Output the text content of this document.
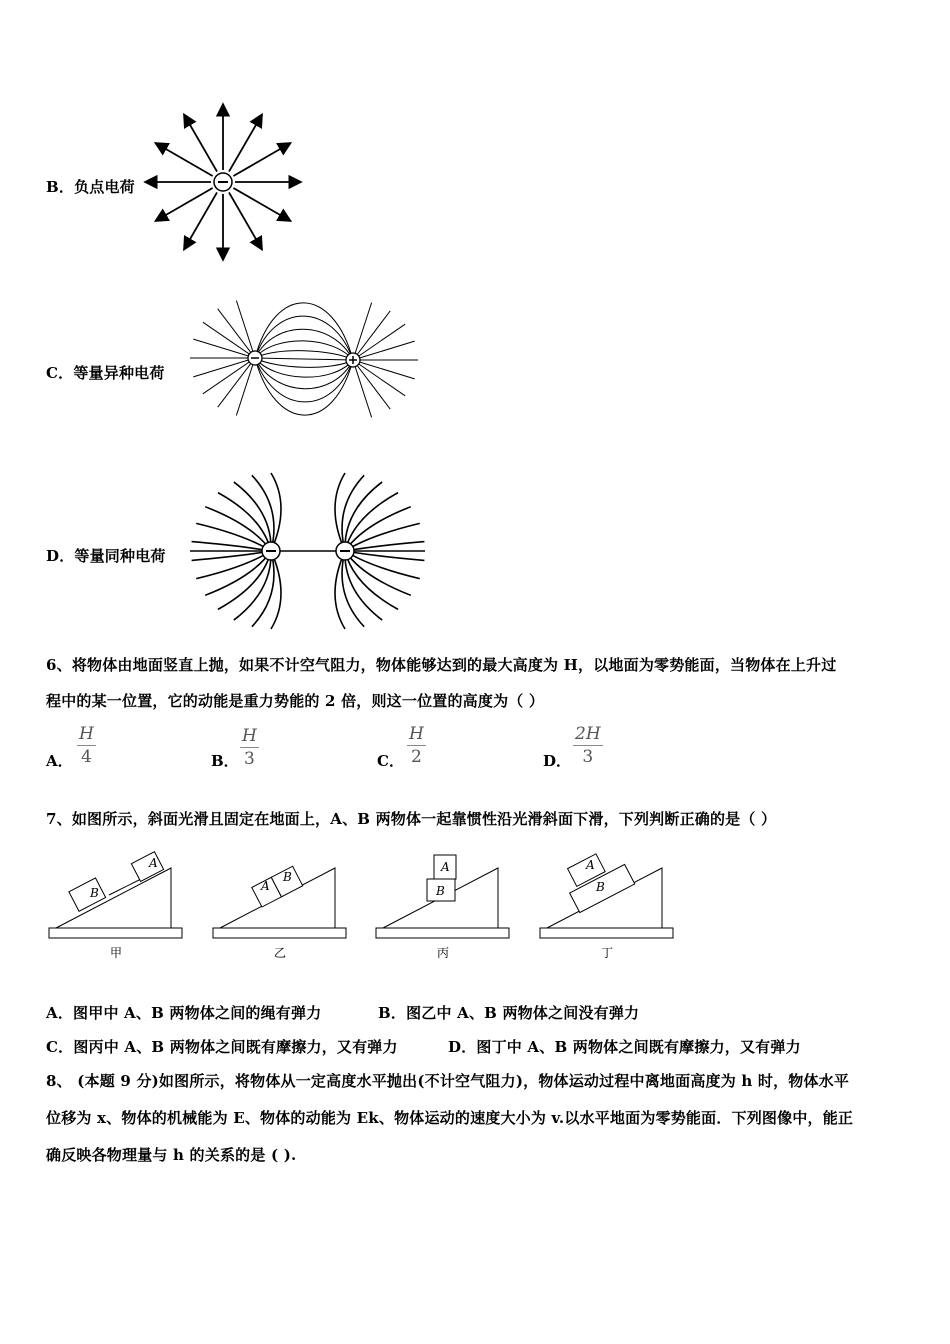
B．负点电荷
C．等量异种电荷
D．等量同种电荷
6、将物体由地面竖直上抛，如果不计空气阻力，物体能够达到的最大高度为 H，以地面为零势能面，当物体在上升过
程中的某一位置，它的动能是重力势能的 2 倍，则这一位置的高度为（ ）
A． $\frac{H}{4}$	B． $\frac{H}{3}$	C． $\frac{H}{2}$	D． $\frac{2H}{3}$
7、如图所示，斜面光滑且固定在地面上，A、B 两物体一起靠惯性沿光滑斜面下滑，下列判断正确的是（ ）
B
A
甲
A
B
乙
B
A
丙
B
A
丁
A．图甲中 A、B 两物体之间的绳有弹力	B．图乙中 A、B 两物体之间没有弹力
C．图丙中 A、B 两物体之间既有摩擦力，又有弹力	D．图丁中 A、B 两物体之间既有摩擦力，又有弹力
8、 (本题 9 分)如图所示，将物体从一定高度水平抛出(不计空气阻力)，物体运动过程中离地面高度为 h 时，物体水平
位移为 x、物体的机械能为 E、物体的动能为 Ek、物体运动的速度大小为 v.以水平地面为零势能面．下列图像中，能正
确反映各物理量与 h 的关系的是 ( ).
